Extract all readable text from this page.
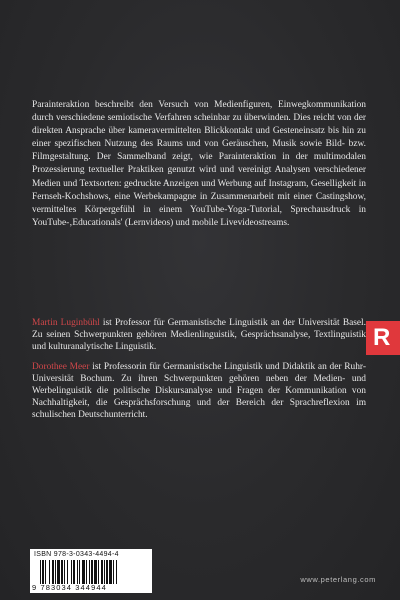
Parainteraktion beschreibt den Versuch von Medienfiguren, Einwegkommunikation durch verschiedene semiotische Verfahren scheinbar zu überwinden. Dies reicht von der direkten Ansprache über kameravermittelten Blickkontakt und Gesteneinsatz bis hin zu einer spezifischen Nutzung des Raums und von Geräuschen, Musik sowie Bild- bzw. Filmgestaltung. Der Sammelband zeigt, wie Parainteraktion in der multimodalen Prozessierung textueller Praktiken genutzt wird und vereinigt Analysen verschiedener Medien und Textsorten: gedruckte Anzeigen und Werbung auf Instagram, Geselligkeit in Fernseh-Kochshows, eine Werbekampagne in Zusammenarbeit mit einer Castingshow, vermitteltes Körpergefühl in einem YouTube-Yoga-Tutorial, Sprechausdruck in YouTube-‚Educationals' (Lernvideos) und mobile Livevideostreams.

Martin Luginbühl ist Professor für Germanistische Linguistik an der Universität Basel. Zu seinen Schwerpunkten gehören Medienlinguistik, Gesprächsanalyse, Textlinguistik und kulturanalytische Linguistik.

Dorothee Meer ist Professorin für Germanistische Linguistik und Didaktik an der Ruhr-Universität Bochum. Zu ihren Schwerpunkten gehören neben der Medien- und Werbelinguistik die politische Diskursanalyse und Fragen der Kommunikation von Nachhaltigkeit, die Gesprächsforschung und der Bereich der Sprachreflexion im schulischen Deutschunterricht.

R
ISBN 978-3-0343-4494-4
9 783034 344944
www.peterlang.com
